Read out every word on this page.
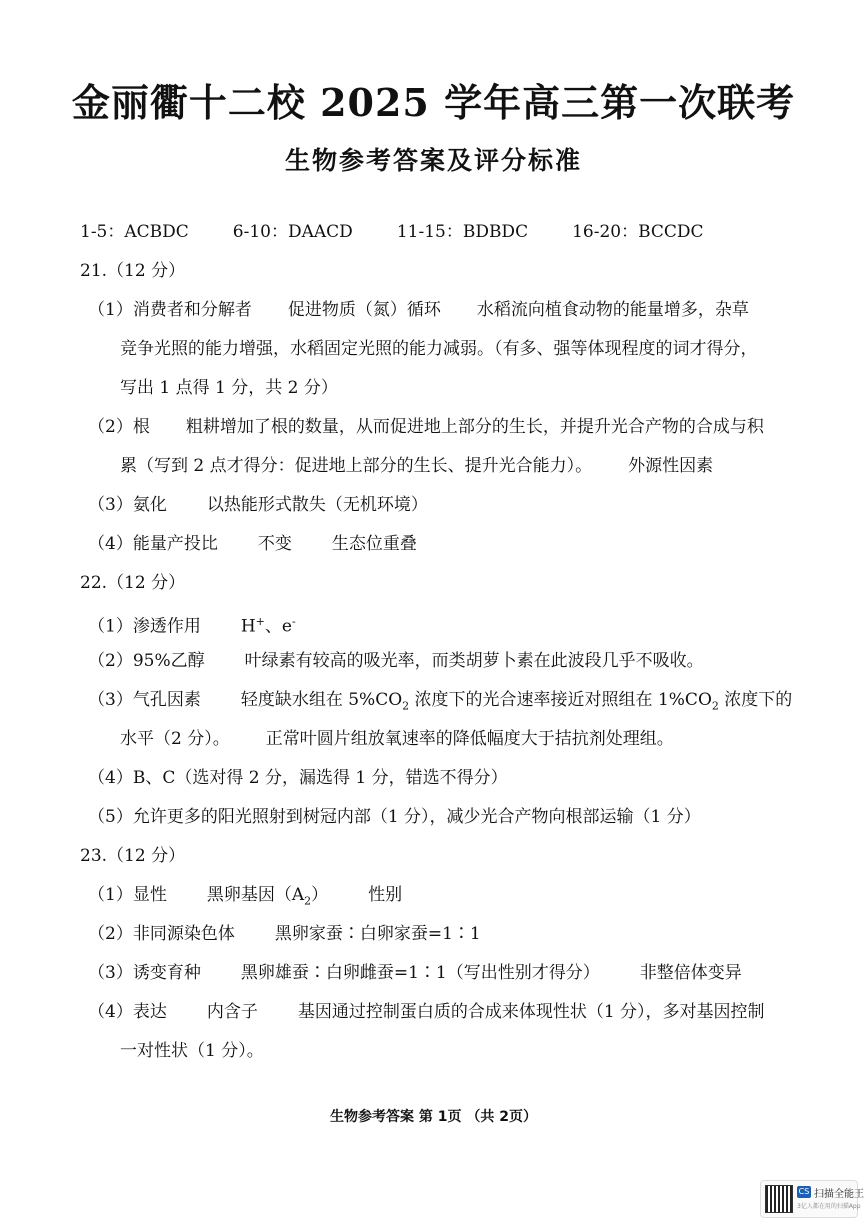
金丽衢十二校 2025 学年高三第一次联考
生物参考答案及评分标准
1-5：ACBDC	6-10：DAACD	11-15：BDBDC	16-20：BCCDC
21.（12 分）
（1）消费者和分解者 促进物质（氮）循环 水稻流向植食动物的能量增多，杂草
竞争光照的能力增强，水稻固定光照的能力减弱。（有多、强等体现程度的词才得分，
写出 1 点得 1 分，共 2 分）
（2）根 粗耕增加了根的数量，从而促进地上部分的生长，并提升光合产物的合成与积
累（写到 2 点才得分：促进地上部分的生长、提升光合能力）。 外源性因素
（3）氨化 以热能形式散失（无机环境）
（4）能量产投比 不变 生态位重叠
22.（12 分）
（1）渗透作用 H+、e-
（2）95%乙醇 叶绿素有较高的吸光率，而类胡萝卜素在此波段几乎不吸收。
（3）气孔因素 轻度缺水组在 $5\%CO_2$ 浓度下的光合速率接近对照组在 $1\%CO_2$ 浓度下的
水平（2 分）。 正常叶圆片组放氧速率的降低幅度大于拮抗剂处理组。
（4）B、C（选对得 2 分，漏选得 1 分，错选不得分）
（5）允许更多的阳光照射到树冠内部（1 分），减少光合产物向根部运输（1 分）
23.（12 分）
（1）显性 黑卵基因$(A_2)$ 性别
（2）非同源染色体 黑卵家蚕∶白卵家蚕=1∶1
（3）诱变育种 黑卵雄蚕∶白卵雌蚕=1∶1（写出性别才得分） 非整倍体变异
（4）表达 内含子 基因通过控制蛋白质的合成来体现性状（1 分），多对基因控制
一对性状（1 分）。
生物参考答案 第 1页 （共 2页）
CS 扫描全能王
3亿人都在用的扫描App
